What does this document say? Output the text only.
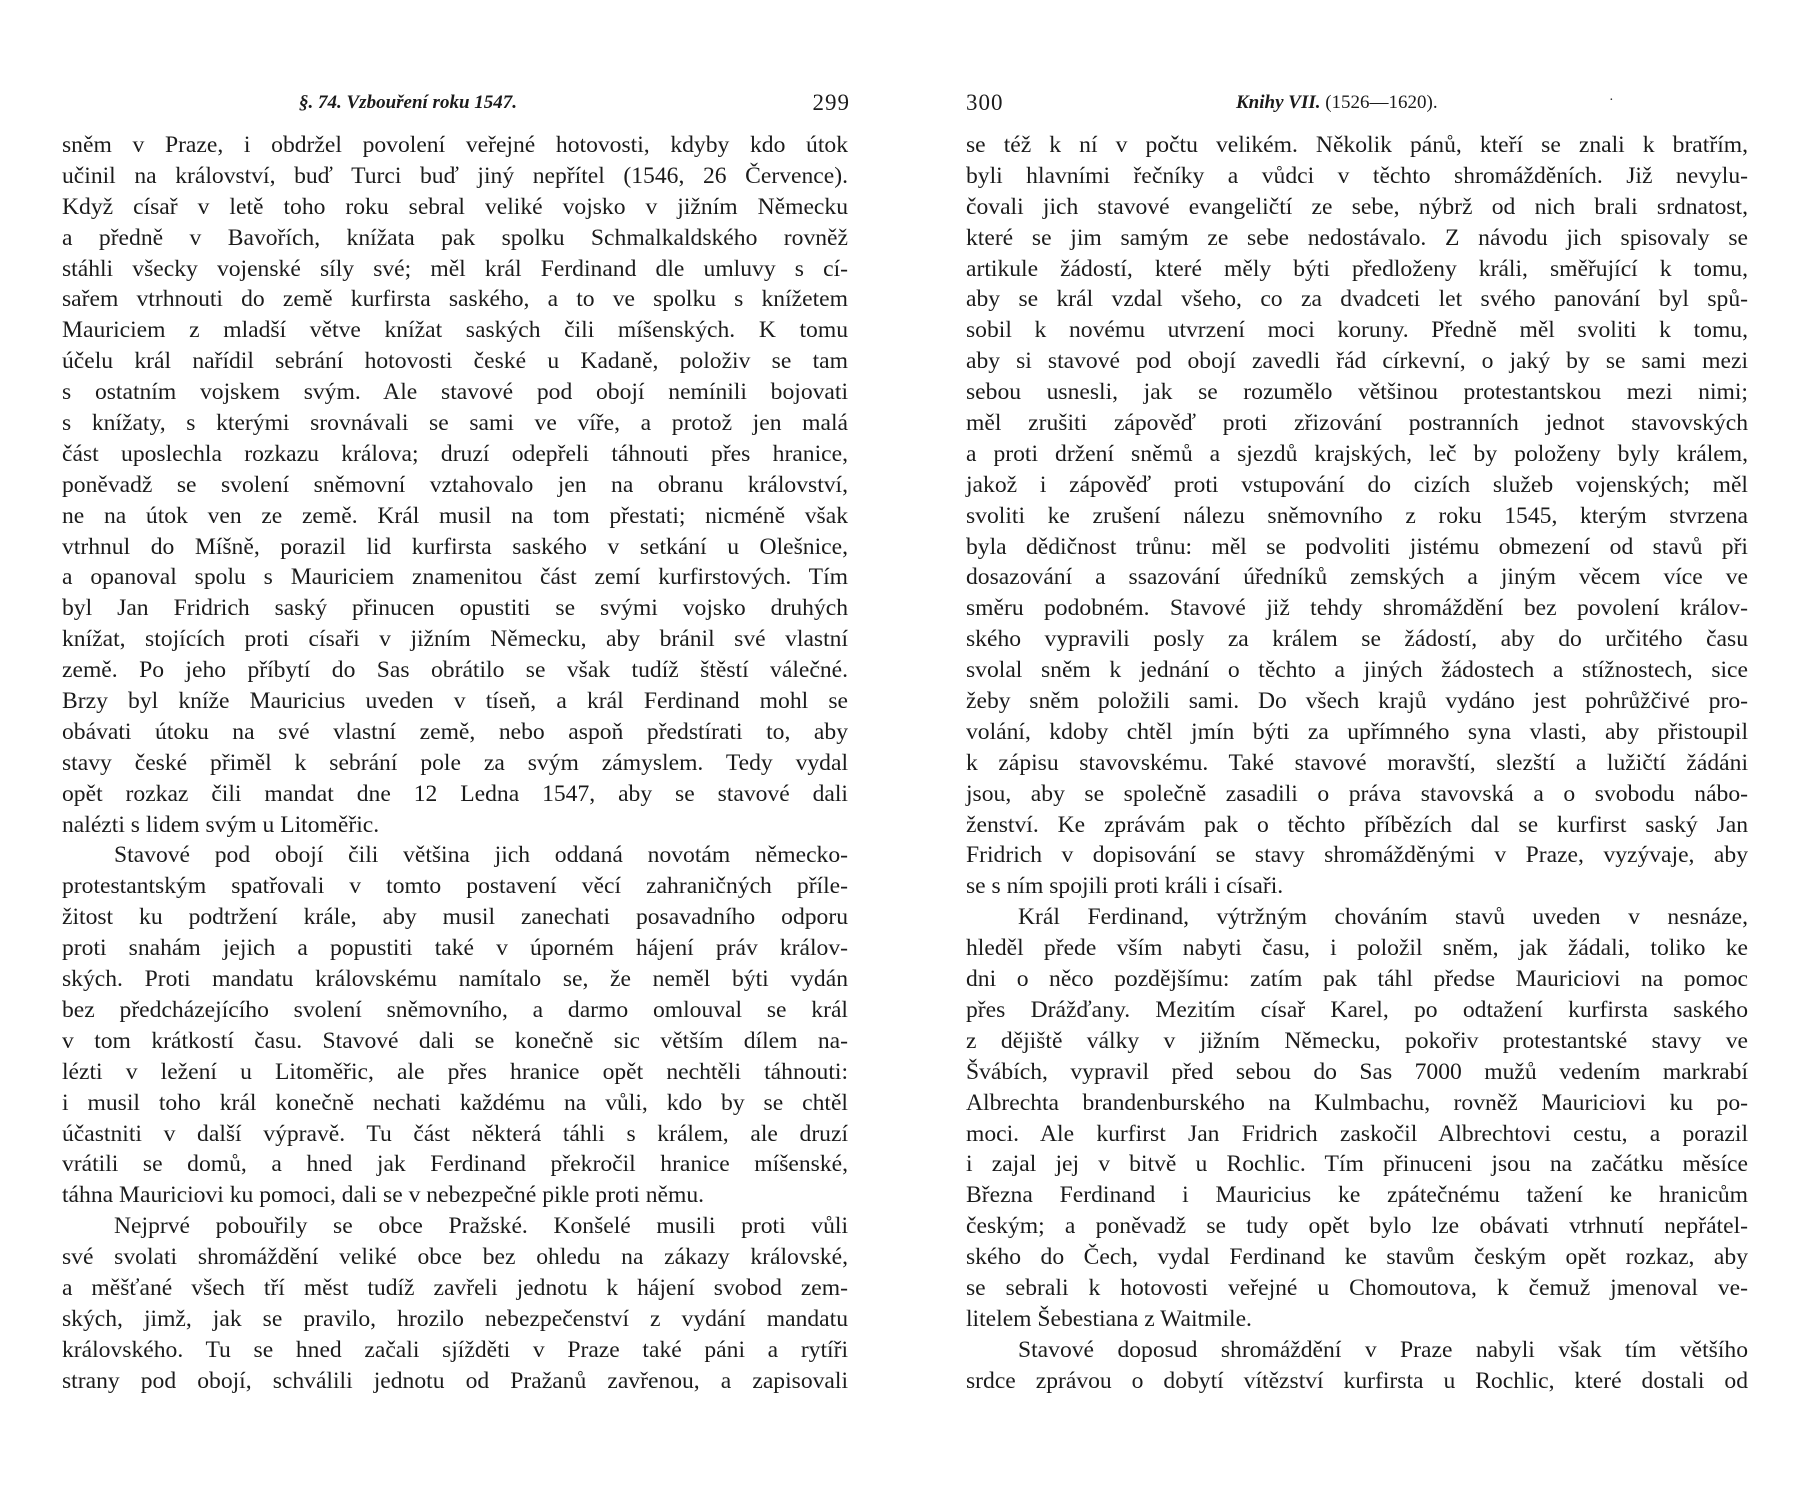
§. 74. Vzbouření roku 1547.	299
sněm v Praze, i obdržel povolení veřejné hotovosti, kdyby kdo útok
učinil na království, buď Turci buď jiný nepřítel (1546, 26 Července).
Když císař v letě toho roku sebral veliké vojsko v jižním Německu
a předně v Bavořích, knížata pak spolku Schmalkaldského rovněž
stáhli všecky vojenské síly své; měl král Ferdinand dle umluvy s cí-
sařem vtrhnouti do země kurfirsta saského, a to ve spolku s knížetem
Mauriciem z mladší větve knížat saských čili míšenských. K tomu
účelu král nařídil sebrání hotovosti české u Kadaně, položiv se tam
s ostatním vojskem svým. Ale stavové pod obojí nemínili bojovati
s knížaty, s kterými srovnávali se sami ve víře, a protož jen malá
část uposlechla rozkazu králova; druzí odepřeli táhnouti přes hranice,
poněvadž se svolení sněmovní vztahovalo jen na obranu království,
ne na útok ven ze země. Král musil na tom přestati; nicméně však
vtrhnul do Míšně, porazil lid kurfirsta saského v setkání u Olešnice,
a opanoval spolu s Mauriciem znamenitou část zemí kurfirstových. Tím
byl Jan Fridrich saský přinucen opustiti se svými vojsko druhých
knížat, stojících proti císaři v jižním Německu, aby bránil své vlastní
země. Po jeho příbytí do Sas obrátilo se však tudíž štěstí válečné.
Brzy byl kníže Mauricius uveden v tíseň, a král Ferdinand mohl se
obávati útoku na své vlastní země, nebo aspoň předstírati to, aby
stavy české přiměl k sebrání pole za svým zámyslem. Tedy vydal
opět rozkaz čili mandat dne 12 Ledna 1547, aby se stavové dali
nalézti s lidem svým u Litoměřic.
Stavové pod obojí čili většina jich oddaná novotám německo-
protestantským spatřovali v tomto postavení věcí zahraničných příle-
žitost ku podtržení krále, aby musil zanechati posavadního odporu
proti snahám jejich a popustiti také v úporném hájení práv králov-
ských. Proti mandatu královskému namítalo se, že neměl býti vydán
bez předcházejícího svolení sněmovního, a darmo omlouval se král
v tom krátkostí času. Stavové dali se konečně sic větším dílem na-
lézti v ležení u Litoměřic, ale přes hranice opět nechtěli táhnouti:
i musil toho král konečně nechati každému na vůli, kdo by se chtěl
účastniti v další výpravě. Tu část některá táhli s králem, ale druzí
vrátili se domů, a hned jak Ferdinand překročil hranice míšenské,
táhna Mauriciovi ku pomoci, dali se v nebezpečné pikle proti němu.
Nejprvé pobouřily se obce Pražské. Konšelé musili proti vůli
své svolati shromáždění veliké obce bez ohledu na zákazy královské,
a měšťané všech tří měst tudíž zavřeli jednotu k hájení svobod zem-
ských, jimž, jak se pravilo, hrozilo nebezpečenství z vydání mandatu
královského. Tu se hned začali sjížděti v Praze také páni a rytíři
strany pod obojí, schválili jednotu od Pražanů zavřenou, a zapisovali
300	Knihy VII. (1526—1620).	·
se též k ní v počtu velikém. Několik pánů, kteří se znali k bratřím,
byli hlavními řečníky a vůdci v těchto shromážděních. Již nevylu-
čovali jich stavové evangeličtí ze sebe, nýbrž od nich brali srdnatost,
které se jim samým ze sebe nedostávalo. Z návodu jich spisovaly se
artikule žádostí, které měly býti předloženy králi, směřující k tomu,
aby se král vzdal všeho, co za dvadceti let svého panování byl spů-
sobil k novému utvrzení moci koruny. Předně měl svoliti k tomu,
aby si stavové pod obojí zavedli řád církevní, o jaký by se sami mezi
sebou usnesli, jak se rozumělo většinou protestantskou mezi nimi;
měl zrušiti zápověď proti zřizování postranních jednot stavovských
a proti držení sněmů a sjezdů krajských, leč by položeny byly králem,
jakož i zápověď proti vstupování do cizích služeb vojenských; měl
svoliti ke zrušení nálezu sněmovního z roku 1545, kterým stvrzena
byla dědičnost trůnu: měl se podvoliti jistému obmezení od stavů při
dosazování a ssazování úředníků zemských a jiným věcem více ve
směru podobném. Stavové již tehdy shromáždění bez povolení králov-
ského vypravili posly za králem se žádostí, aby do určitého času
svolal sněm k jednání o těchto a jiných žádostech a stížnostech, sice
žeby sněm položili sami. Do všech krajů vydáno jest pohrůžčivé pro-
volání, kdoby chtěl jmín býti za upřímného syna vlasti, aby přistoupil
k zápisu stavovskému. Také stavové moravští, slezští a lužičtí žádáni
jsou, aby se společně zasadili o práva stavovská a o svobodu nábo-
ženství. Ke zprávám pak o těchto příbězích dal se kurfirst saský Jan
Fridrich v dopisování se stavy shromážděnými v Praze, vyzývaje, aby
se s ním spojili proti králi i císaři.
Král Ferdinand, výtržným chováním stavů uveden v nesnáze,
hleděl přede vším nabyti času, i položil sněm, jak žádali, toliko ke
dni o něco pozdějšímu: zatím pak táhl předse Mauriciovi na pomoc
přes Drážďany. Mezitím císař Karel, po odtažení kurfirsta saského
z dějiště války v jižním Německu, pokořiv protestantské stavy ve
Švábích, vypravil před sebou do Sas 7000 mužů vedením markrabí
Albrechta brandenburského na Kulmbachu, rovněž Mauriciovi ku po-
moci. Ale kurfirst Jan Fridrich zaskočil Albrechtovi cestu, a porazil
i zajal jej v bitvě u Rochlic. Tím přinuceni jsou na začátku měsíce
Března Ferdinand i Mauricius ke zpátečnému tažení ke hranicům
českým; a poněvadž se tudy opět bylo lze obávati vtrhnutí nepřátel-
ského do Čech, vydal Ferdinand ke stavům českým opět rozkaz, aby
se sebrali k hotovosti veřejné u Chomoutova, k čemuž jmenoval ve-
litelem Šebestiana z Waitmile.
Stavové doposud shromáždění v Praze nabyli však tím většího
srdce zprávou o dobytí vítězství kurfirsta u Rochlic, které dostali od
